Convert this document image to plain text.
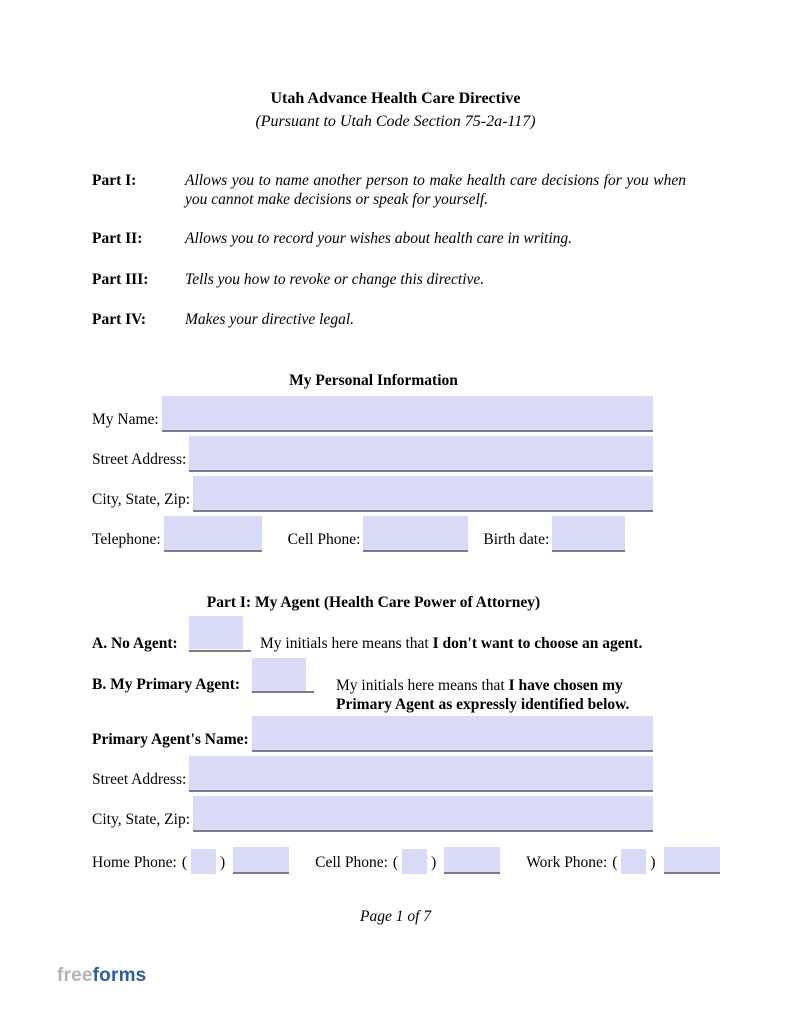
Utah Advance Health Care Directive
(Pursuant to Utah Code Section 75-2a-117)
Part I:	Allows you to name another person to make health care decisions for you when you cannot make decisions or speak for yourself.
Part II:	Allows you to record your wishes about health care in writing.
Part III:	Tells you how to revoke or change this directive.
Part IV:	Makes your directive legal.
My Personal Information
My Name:
Street Address:
City, State, Zip:
Telephone:	Cell Phone:	Birth date:
Part I: My Agent (Health Care Power of Attorney)
A. No Agent:	My initials here means that I don't want to choose an agent.
B. My Primary Agent:	My initials here means that I have chosen my Primary Agent as expressly identified below.
Primary Agent's Name:
Street Address:
City, State, Zip:
Home Phone: ( )	Cell Phone: ( )	Work Phone: ( )
Page 1 of 7
freeforms
